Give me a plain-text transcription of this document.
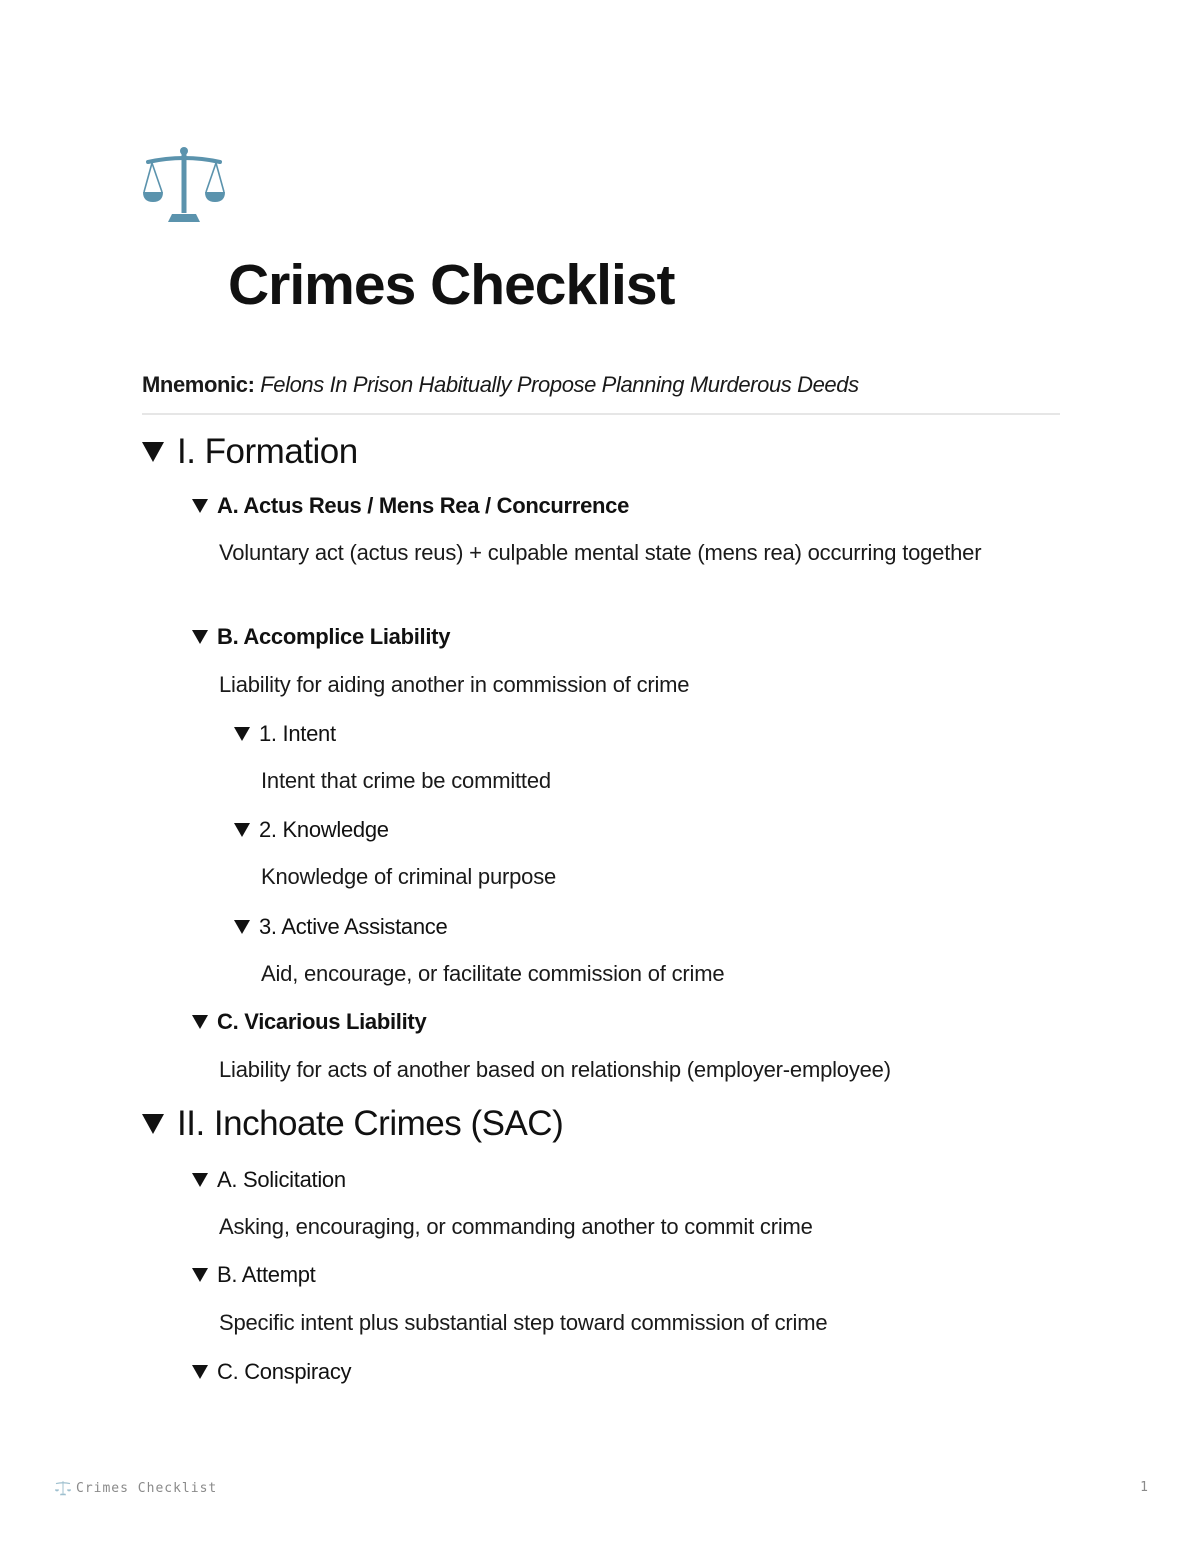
Crimes Checklist
Mnemonic: Felons In Prison Habitually Propose Planning Murderous Deeds
I. Formation
A. Actus Reus / Mens Rea / Concurrence
Voluntary act (actus reus) + culpable mental state (mens rea) occurring together
B. Accomplice Liability
Liability for aiding another in commission of crime
1. Intent
Intent that crime be committed
2. Knowledge
Knowledge of criminal purpose
3. Active Assistance
Aid, encourage, or facilitate commission of crime
C. Vicarious Liability
Liability for acts of another based on relationship (employer-employee)
II. Inchoate Crimes (SAC)
A. Solicitation
Asking, encouraging, or commanding another to commit crime
B. Attempt
Specific intent plus substantial step toward commission of crime
C. Conspiracy
Crimes Checklist	1
